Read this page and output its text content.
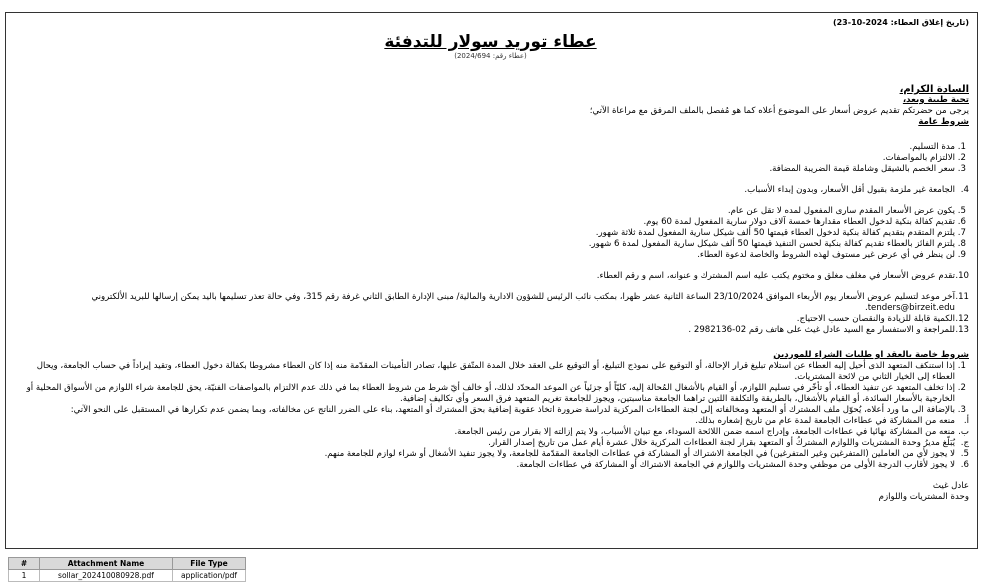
(تاريخ إغلاق العطاء: 2024-10-23)
عطاء توريد سولار للتدفئة
(عطاء رقم: 2024/694)
السادة الكرام،
تحية طيبة وبعد،

يرجى من حضرتكم تقديم عروض أسعار على الموضوع أعلاه كما هو مُفصل بالملف المرفق مع مراعاة الآتي؛

شروط عامة
1. مدة التسليم.
2. الالتزام بالمواصفات.
3. سعر الخصم بالشيقل وشاملة قيمة الضريبة المضافة.
4.
الجامعة غير ملزمة بقبول أقل الأسعار، وبدون إبداء الأسباب.
5. يكون عرض الأسعار المقدم سارى المفعول لمده لا تقل عن عام.
6. تقديم كفالة بنكية لدخول العطاء مقدارها خمسة آلاف دولار سارية المفعول لمدة 60 يوم.
7. يلتزم المتقدم بتقديم كفالة بنكية لدخول العطاء قيمتها 50 ألف شيكل سارية المفعول لمدة ثلاثة شهور.
8. يلتزم الفائز بالعطاء تقديم كفالة بنكية لحسن التنفيذ قيمتها 50 ألف شيكل سارية المفعول لمدة 6 شهور.
9. لن ينظر في أي عرض غير مستوف لهذه الشروط والخاصة لدعوة العطاء.
10.
تقدم عروض الأسعار في مغلف مغلق و مختوم يكتب عليه اسم المشترك و عنوانه، اسم و رقم العطاء.
11.
آخر موعد لتسليم عروض الأسعار يوم الأربعاء الموافق 23/10/2024 الساعة الثانية عشر ظهرا، بمكتب نائب الرئيس للشؤون الادارية والمالية/ مبنى الإدارة الطابق الثاني غرفة رقم 315، وفي حالة تعذر تسليمها باليد يمكن إرسالها للبريد الألكتروني tenders@birzeit.edu.
12.
الكمية قابلة للزيادة والنقصان حسب الاحتياج.
13.
للمراجعة و الاستفسار مع السيد عادل غيث على هاتف رقم 02-2982136 .
شروط خاصة بالعقد او طلبات الشراء للموردين
1. إذا استنكف المتعهد الذى أحيل إليه العطاء عن استلام تبليغ قرار الإحالة، أو التوقيع على نموذج التبليغ، أو التوقيع على العقد خلال المدة المتّفق عليها، تصادر التأمينات المقدّمة منه إذا كان العطاء مشروطا بكفالة دخول العطاء، وتقيد إيراداً في حساب الجامعة، ويحال العطاء إلى الخيار الثاني من لائحة المشتريات.
2. إذا تخلف المتعهد عن تنفيذ العطاء، أو تأخّر في تسليم اللوازم، أو القيام بالأشغال المُحالة إليه، كليّاً أو جزئياً عن الموعد المحدّد لذلك، أو خالف أيّ شرط من شروط العطاء بما في ذلك عدم الالتزام بالمواصفات الفنيّة، يحق للجامعة شراء اللوازم من الأسواق المحلية أو الخارجية بالأسعار السائدة، أو القيام بالأشغال، بالطريقة والتكلفة اللتين تراهما الجامعة مناسبتين، ويجوز للجامعة تغريم المتعهد فرق السعر وأي تكاليف إضافية.
3. بالإضافة الى ما ورد أعلاه، يُحوّل ملف المشترك أو المتعهد ومخالفاته إلى لجنة العطاءات المركزية لدراسة ضرورة اتخاذ عقوبة إضافية بحق المشترك أو المتعهد، بناء على الضرر الناتج عن مخالفاته، وبما يضمن عدم تكرارها في المستقبل على النحو الآتي:
أ.
منعه من المشاركة في عطاءات الجامعة لمدة عام من تاريخ إشعاره بذلك.
ب.
منعه من المشاركة نهائيا في عطاءات الجامعة، وإدراج اسمه ضمن اللائحة السوداء، مع تبيان الأسباب، ولا يتم إزالته إلا بقرار من رئيس الجامعة.
ج.
يُبَلّغ مديرُ وحدة المشتريات واللوازم المشتركُ أو المتعهد بقرار لجنة العطاءات المركزية خلال عشرة أيام عمل من تاريخ إصدار القرار.
5.
لا يجوز لأي من العاملين (المتفرغين وغير المتفرغين) في الجامعة الاشتراك أو المشاركة في عطاءات الجامعة المقدّمة للجامعة، ولا يجوز تنفيذ الأشغال أو شراء لوازم للجامعة منهم.
6.
لا يجوز لأقارب الدرجة الأولى من موظفي وحدة المشتريات واللوازم في الجامعة الاشتراك أو المشاركة في عطاءات الجامعة.
عادل غيث
وحدة المشتريات واللوازم
#	Attachment Name	File Type
1	sollar_202410080928.pdf	application/pdf
